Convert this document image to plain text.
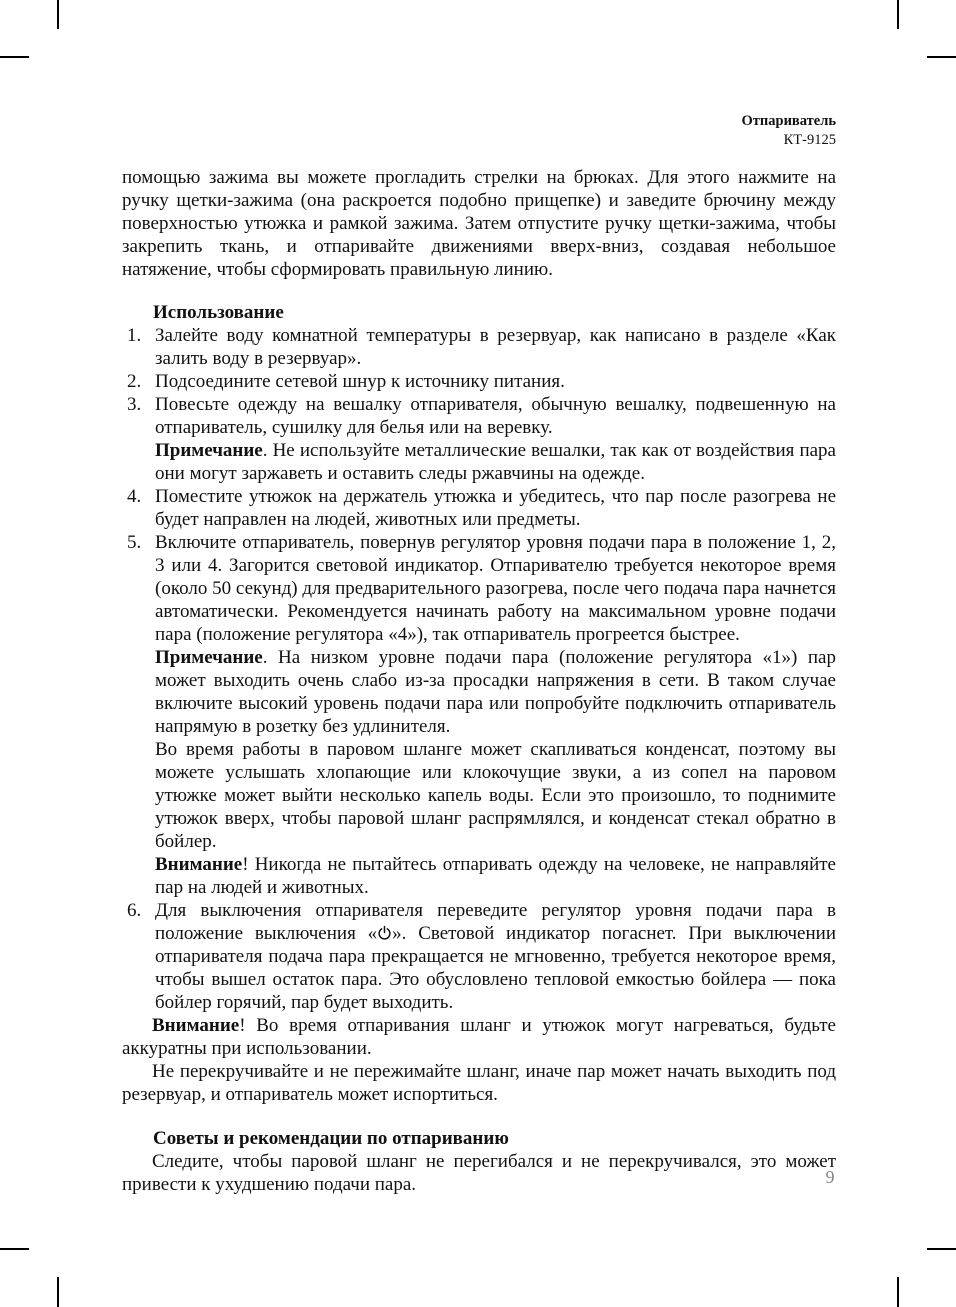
Отпариватель
КТ-9125

помощью зажима вы можете прогладить стрелки на брюках. Для этого нажмите на ручку щетки-зажима (она раскроется подобно прищепке) и заведите брючину между поверхностью утюжка и рамкой зажима. Затем отпустите ручку щетки-зажима, чтобы закрепить ткань, и отпаривайте движениями вверх-вниз, создавая небольшое натяжение, чтобы сформировать правильную линию.

Использование
1. Залейте воду комнатной температуры в резервуар, как написано в разделе «Как залить воду в резервуар».
2. Подсоедините сетевой шнур к источнику питания.
3. Повесьте одежду на вешалку отпаривателя, обычную вешалку, подвешенную на отпариватель, сушилку для белья или на веревку.
Примечание. Не используйте металлические вешалки, так как от воздействия пара они могут заржаветь и оставить следы ржавчины на одежде.
4. Поместите утюжок на держатель утюжка и убедитесь, что пар после разогрева не будет направлен на людей, животных или предметы.
5. Включите отпариватель, повернув регулятор уровня подачи пара в положение 1, 2, 3 или 4. Загорится световой индикатор. Отпаривателю требуется некоторое время (около 50 секунд) для предварительного разогрева, после чего подача пара начнется автоматически. Рекомендуется начинать работу на максимальном уровне подачи пара (положение регулятора «4»), так отпариватель прогреется быстрее.
Примечание. На низком уровне подачи пара (положение регулятора «1») пар может выходить очень слабо из-за просадки напряжения в сети. В таком случае включите высокий уровень подачи пара или попробуйте подключить отпариватель напрямую в розетку без удлинителя.
Во время работы в паровом шланге может скапливаться конденсат, поэтому вы можете услышать хлопающие или клокочущие звуки, а из сопел на паровом утюжке может выйти несколько капель воды. Если это произошло, то поднимите утюжок вверх, чтобы паровой шланг распрямлялся, и конденсат стекал обратно в бойлер.
Внимание! Никогда не пытайтесь отпаривать одежду на человеке, не направляйте пар на людей и животных.
6. Для выключения отпаривателя переведите регулятор уровня подачи пара в положение выключения « ». Световой индикатор погаснет. При выключении отпаривателя подача пара прекращается не мгновенно, требуется некоторое время, чтобы вышел остаток пара. Это обусловлено тепловой емкостью бойлера — пока бойлер горячий, пар будет выходить.
Внимание! Во время отпаривания шланг и утюжок могут нагреваться, будьте аккуратны при использовании.
Не перекручивайте и не пережимайте шланг, иначе пар может начать выходить под резервуар, и отпариватель может испортиться.
Советы и рекомендации по отпариванию
Следите, чтобы паровой шланг не перегибался и не перекручивался, это может привести к ухудшению подачи пара.	9
